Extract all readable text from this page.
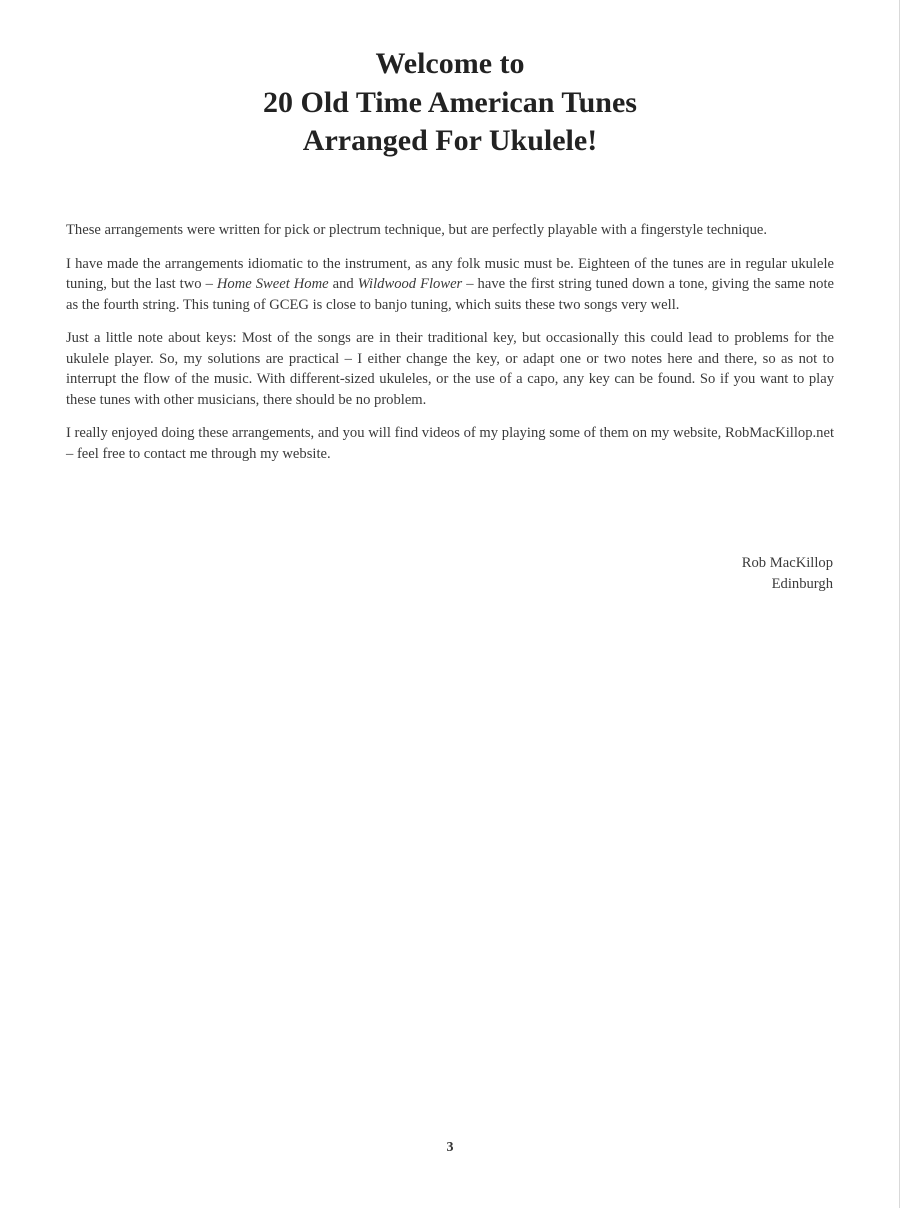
Welcome to
20 Old Time American Tunes
Arranged For Ukulele!

These arrangements were written for pick or plectrum technique, but are perfectly playable with a fingerstyle technique.

I have made the arrangements idiomatic to the instrument, as any folk music must be. Eighteen of the tunes are in regular ukulele tuning, but the last two – Home Sweet Home and Wildwood Flower – have the first string tuned down a tone, giving the same note as the fourth string. This tuning of GCEG is close to banjo tuning, which suits these two songs very well.

Just a little note about keys: Most of the songs are in their traditional key, but occasionally this could lead to problems for the ukulele player. So, my solutions are practical – I either change the key, or adapt one or two notes here and there, so as not to interrupt the flow of the music. With different-sized ukuleles, or the use of a capo, any key can be found. So if you want to play these tunes with other musicians, there should be no problem.

I really enjoyed doing these arrangements, and you will find videos of my playing some of them on my website, RobMacKillop.net – feel free to contact me through my website.

Rob MacKillop
Edinburgh
3
